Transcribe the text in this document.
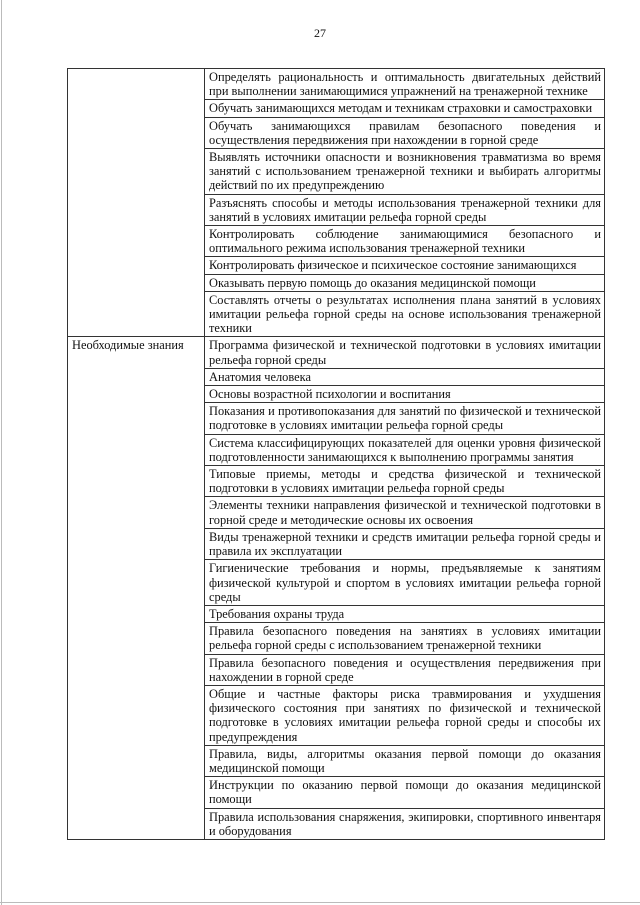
27
	Определять рациональность и оптимальность двигательных действий при выполнении занимающимися упражнений на тренажерной технике
	Обучать занимающихся методам и техникам страховки и самостраховки
	Обучать занимающихся правилам безопасного поведения и осуществления передвижения при нахождении в горной среде
	Выявлять источники опасности и возникновения травматизма во время занятий с использованием тренажерной техники и выбирать алгоритмы действий по их предупреждению
	Разъяснять способы и методы использования тренажерной техники для занятий в условиях имитации рельефа горной среды
	Контролировать соблюдение занимающимися безопасного и оптимального режима использования тренажерной техники
	Контролировать физическое и психическое состояние занимающихся
	Оказывать первую помощь до оказания медицинской помощи
	Составлять отчеты о результатах исполнения плана занятий в условиях имитации рельефа горной среды на основе использования тренажерной техники
Необходимые знания	Программа физической и технической подготовки в условиях имитации рельефа горной среды
	Анатомия человека
	Основы возрастной психологии и воспитания
	Показания и противопоказания для занятий по физической и технической подготовке в условиях имитации рельефа горной среды
	Система классифицирующих показателей для оценки уровня физической подготовленности занимающихся к выполнению программы занятия
	Типовые приемы, методы и средства физической и технической подготовки в условиях имитации рельефа горной среды
	Элементы техники направления физической и технической подготовки в горной среде и методические основы их освоения
	Виды тренажерной техники и средств имитации рельефа горной среды и правила их эксплуатации
	Гигиенические требования и нормы, предъявляемые к занятиям физической культурой и спортом в условиях имитации рельефа горной среды
	Требования охраны труда
	Правила безопасного поведения на занятиях в условиях имитации рельефа горной среды с использованием тренажерной техники
	Правила безопасного поведения и осуществления передвижения при нахождении в горной среде
	Общие и частные факторы риска травмирования и ухудшения физического состояния при занятиях по физической и технической подготовке в условиях имитации рельефа горной среды и способы их предупреждения
	Правила, виды, алгоритмы оказания первой помощи до оказания медицинской помощи
	Инструкции по оказанию первой помощи до оказания медицинской помощи
	Правила использования снаряжения, экипировки, спортивного инвентаря и оборудования
